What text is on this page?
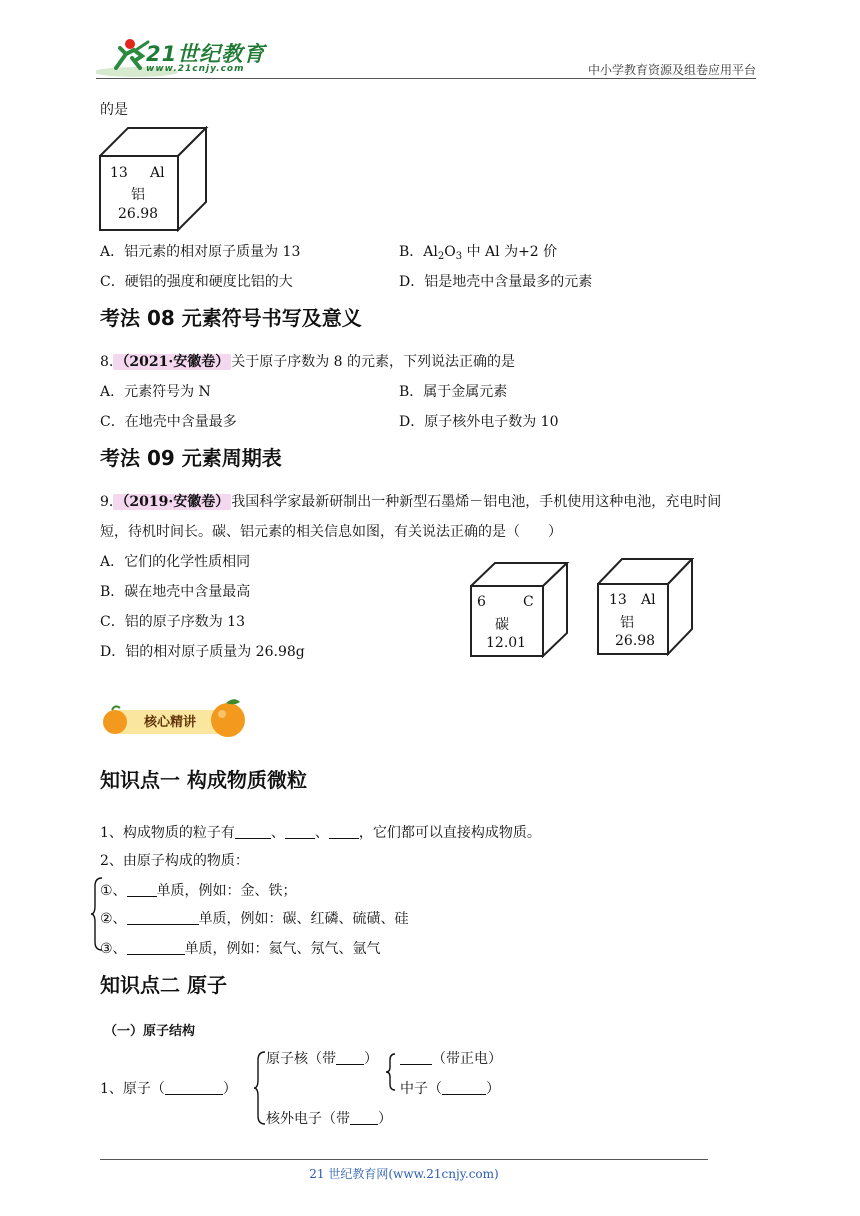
21世纪教育
www.21cnjy.com	中小学教育资源及组卷应用平台
的是
13 Al
铝
26.98
A．铝元素的相对原子质量为 13	B．$Al_2O_3$ 中 Al 为+2 价
C．硬铝的强度和硬度比铝的大	D．铝是地壳中含量最多的元素
考法 08 元素符号书写及意义
8. （2021·安徽卷） 关于原子序数为 8 的元素，下列说法正确的是
A．元素符号为 N	B．属于金属元素
C．在地壳中含量最多	D．原子核外电子数为 10
考法 09 元素周期表
9. （2019·安徽卷） 我国科学家最新研制出一种新型石墨烯－铝电池，手机使用这种电池，充电时间
短，待机时间长。碳、铝元素的相关信息如图，有关说法正确的是（　　）
A．它们的化学性质相同
B．碳在地壳中含量最高
C．铝的原子序数为 13
D．铝的相对原子质量为 26.98g
6	C
碳
12.01
13 Al
铝
26.98
核心精讲
知识点一 构成物质微粒
1、构成物质的粒子有	、 、 ，它们都可以直接构成物质。
2、由原子构成的物质：
①、 单质，例如：金、铁；
②、	单质，例如：碳、红磷、硫磺、硅
③、	单质，例如：氦气、氖气、氩气
知识点二 原子
（一）原子结构
1、原子（	）
原子核（带 ）	（带正电）
中子（	）
核外电子（带 ）
21 世纪教育网(www.21cnjy.com)
